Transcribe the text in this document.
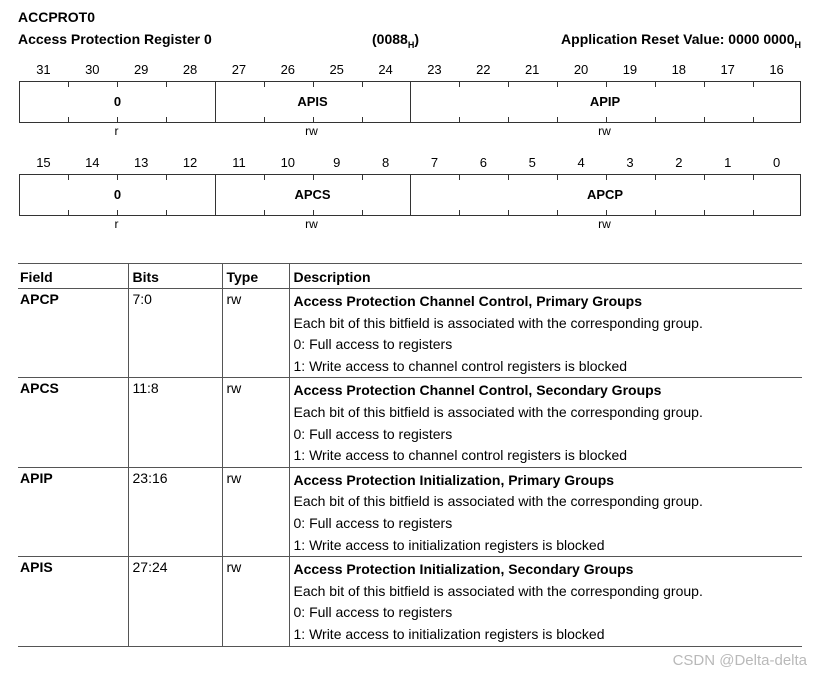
ACCPROT0
Access Protection Register 0	$(0088_H)$	Application Reset Value: 0000 $0000_H$
31	30	29	28	27	26	25	24	23	22	21	20	19	18	17	16
0	APIS	APIP
r	rw	rw
15	14	13	12	11	10	9	8	7	6	5	4	3	2	1	0
0	APCS	APCP
r	rw	rw
Field	Bits	Type	Description
APCP	7:0	rw	Access Protection Channel Control, Primary Groups
Each bit of this bitfield is associated with the corresponding group.
0: Full access to registers
1: Write access to channel control registers is blocked

APCS	11:8	rw	Access Protection Channel Control, Secondary Groups
Each bit of this bitfield is associated with the corresponding group.
0: Full access to registers
1: Write access to channel control registers is blocked

APIP	23:16	rw	Access Protection Initialization, Primary Groups
Each bit of this bitfield is associated with the corresponding group.
0: Full access to registers
1: Write access to initialization registers is blocked

APIS	27:24	rw	Access Protection Initialization, Secondary Groups
Each bit of this bitfield is associated with the corresponding group.
0: Full access to registers
1: Write access to initialization registers is blocked
CSDN @Delta-delta
